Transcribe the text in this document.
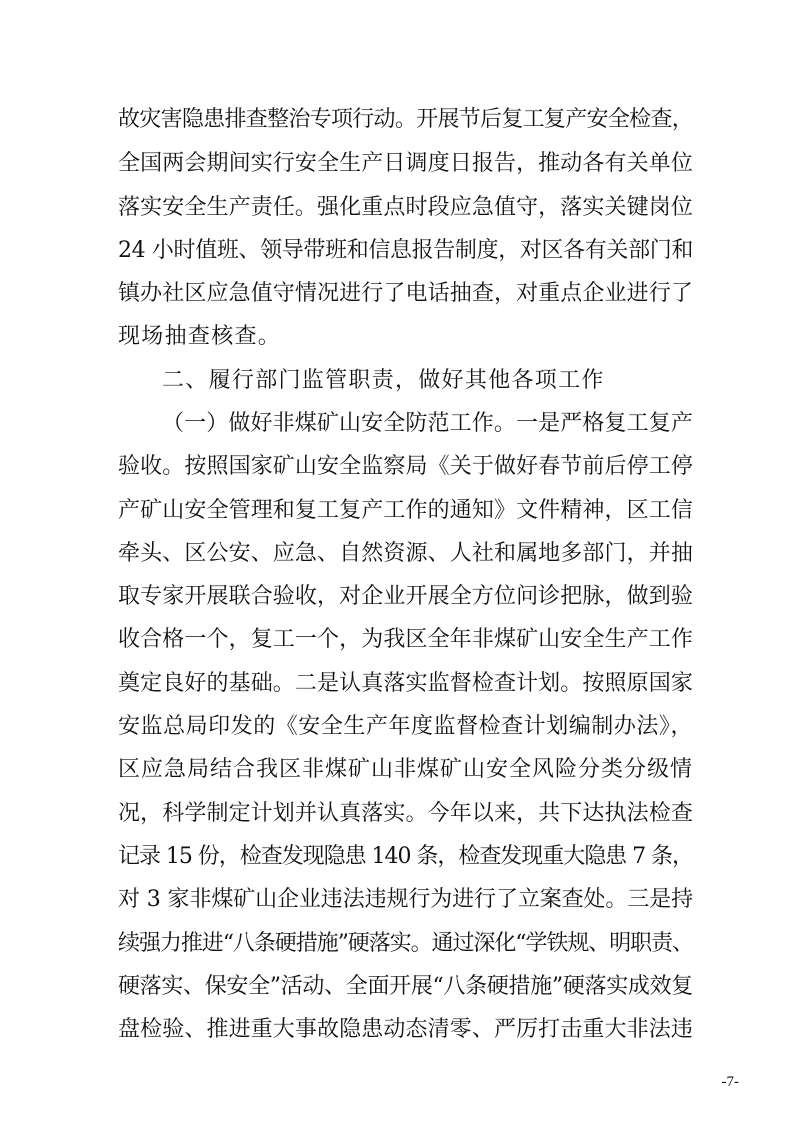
故灾害隐患排查整治专项行动。开展节后复工复产安全检查，
全国两会期间实行安全生产日调度日报告，推动各有关单位
落实安全生产责任。强化重点时段应急值守，落实关键岗位
24 小时值班、领导带班和信息报告制度，对区各有关部门和
镇办社区应急值守情况进行了电话抽查，对重点企业进行了
现场抽查核查。
二、履行部门监管职责，做好其他各项工作
（一）做好非煤矿山安全防范工作。一是严格复工复产
验收。按照国家矿山安全监察局《关于做好春节前后停工停
产矿山安全管理和复工复产工作的通知》文件精神，区工信
牵头、区公安、应急、自然资源、人社和属地多部门，并抽
取专家开展联合验收，对企业开展全方位问诊把脉，做到验
收合格一个，复工一个，为我区全年非煤矿山安全生产工作
奠定良好的基础。二是认真落实监督检查计划。按照原国家
安监总局印发的《安全生产年度监督检查计划编制办法》，
区应急局结合我区非煤矿山非煤矿山安全风险分类分级情
况，科学制定计划并认真落实。今年以来，共下达执法检查
记录 15 份，检查发现隐患 140 条，检查发现重大隐患 7 条，
对 3 家非煤矿山企业违法违规行为进行了立案查处。三是持
续强力推进“八条硬措施”硬落实。通过深化“学铁规、明职责、
硬落实、保安全”活动、全面开展“八条硬措施”硬落实成效复
盘检验、推进重大事故隐患动态清零、严厉打击重大非法违
-7-
